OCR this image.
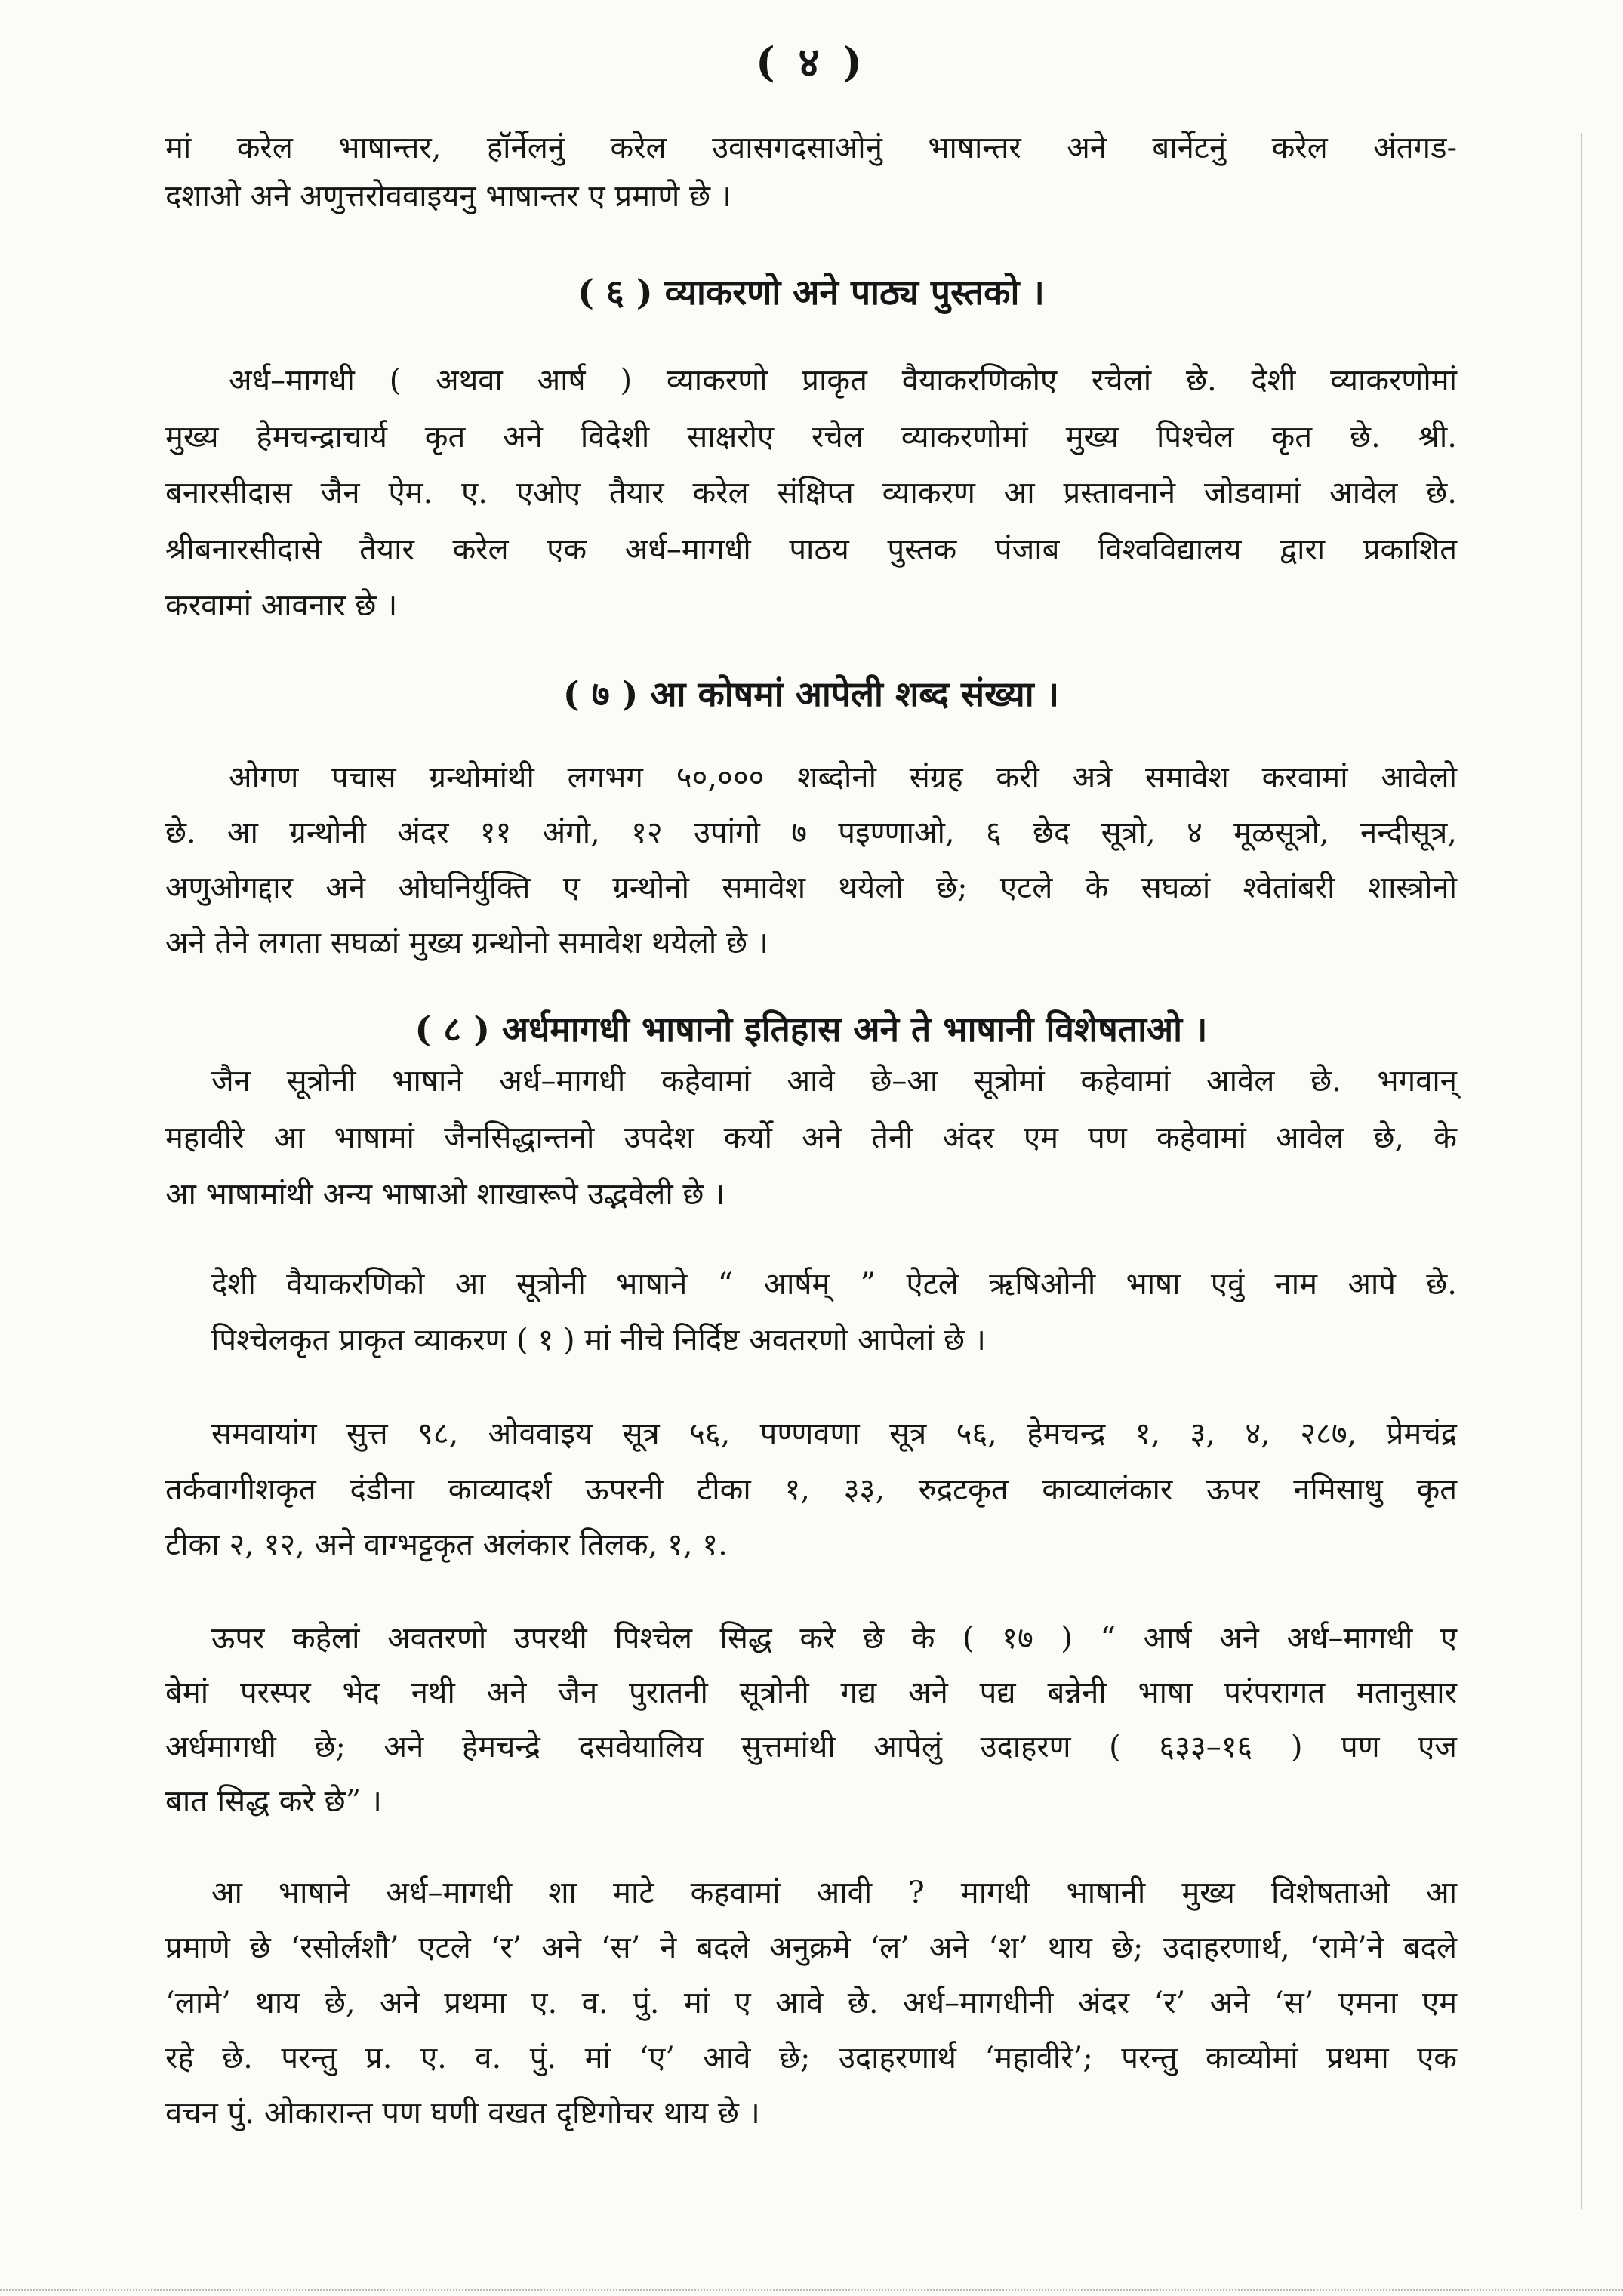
( ४ )
मां करेल भाषान्तर, हॉर्नेलनुं करेल उवासगदसाओनुं भाषान्तर अने बार्नेटनुं करेल अंतगड-
दशाओ अने अणुत्तरोववाइयनु भाषान्तर ए प्रमाणे छे ।
( ६ ) व्याकरणो अने पाठ्य पुस्तको ।
अर्ध–मागधी ( अथवा आर्ष ) व्याकरणो प्राकृत वैयाकरणिकोए रचेलां छे. देशी व्याकरणोमां
मुख्य हेमचन्द्राचार्य कृत अने विदेशी साक्षरोए रचेल व्याकरणोमां मुख्य पिश्चेल कृत छे. श्री.
बनारसीदास जैन ऐम. ए. एओए तैयार करेल संक्षिप्त व्याकरण आ प्रस्तावनाने जोडवामां आवेल छे.
श्रीबनारसीदासे तैयार करेल एक अर्ध–मागधी पाठय पुस्तक पंजाब विश्वविद्यालय द्वारा प्रकाशित
करवामां आवनार छे ।
( ७ ) आ कोषमां आपेली शब्द संख्या ।
ओगण पचास ग्रन्थोमांथी लगभग ५०,००० शब्दोनो संग्रह करी अत्रे समावेश करवामां आवेलो
छे. आ ग्रन्थोनी अंदर ११ अंगो, १२ उपांगो ७ पइण्णाओ, ६ छेद सूत्रो, ४ मूळसूत्रो, नन्दीसूत्र,
अणुओगद्दार अने ओघनिर्युक्ति ए ग्रन्थोनो समावेश थयेलो छे; एटले के सघळां श्वेतांबरी शास्त्रोनो
अने तेने लगता सघळां मुख्य ग्रन्थोनो समावेश थयेलो छे ।
( ८ ) अर्धमागधी भाषानो इतिहास अने ते भाषानी विशेषताओ ।
जैन सूत्रोनी भाषाने अर्ध–मागधी कहेवामां आवे छे–आ सूत्रोमां कहेवामां आवेल छे. भगवान्
महावीरे आ भाषामां जैनसिद्धान्तनो उपदेश कर्यो अने तेनी अंदर एम पण कहेवामां आवेल छे, के
आ भाषामांथी अन्य भाषाओ शाखारूपे उद्भवेली छे ।
देशी वैयाकरणिको आ सूत्रोनी भाषाने “ आर्षम् ” ऐटले ऋषिओनी भाषा एवुं नाम आपे छे.
पिश्चेलकृत प्राकृत व्याकरण ( १ ) मां नीचे निर्दिष्ट अवतरणो आपेलां छे ।
समवायांग सुत्त ९८, ओववाइय सूत्र ५६, पण्णवणा सूत्र ५६, हेमचन्द्र १, ३, ४, २८७, प्रेमचंद्र
तर्कवागीशकृत दंडीना काव्यादर्श ऊपरनी टीका १, ३३, रुद्रटकृत काव्यालंकार ऊपर नमिसाधु कृत
टीका २, १२, अने वाग्भट्टकृत अलंकार तिलक, १, १.
ऊपर कहेलां अवतरणो उपरथी पिश्चेल सिद्ध करे छे के ( १७ ) “ आर्ष अने अर्ध–मागधी ए
बेमां परस्पर भेद नथी अने जैन पुरातनी सूत्रोनी गद्य अने पद्य बन्नेनी भाषा परंपरागत मतानुसार
अर्धमागधी छे; अने हेमचन्द्रे दसवेयालिय सुत्तमांथी आपेलुं उदाहरण ( ६३३–१६ ) पण एज
बात सिद्ध करे छे” ।
आ भाषाने अर्ध–मागधी शा माटे कहवामां आवी ? मागधी भाषानी मुख्य विशेषताओ आ
प्रमाणे छे ‘रसोर्लशौ’ एटले ‘र’ अने ‘स’ ने बदले अनुक्रमे ‘ल’ अने ‘श’ थाय छे; उदाहरणार्थ, ‘रामे’ने बदले
‘लामे’ थाय छे, अने प्रथमा ए. व. पुं. मां ए आवे छे. अर्ध–मागधीनी अंदर ‘र’ अने ‘स’ एमना एम
रहे छे. परन्तु प्र. ए. व. पुं. मां ‘ए’ आवे छे; उदाहरणार्थ ‘महावीरे’; परन्तु काव्योमां प्रथमा एक
वचन पुं. ओकारान्त पण घणी वखत दृष्टिगोचर थाय छे ।
